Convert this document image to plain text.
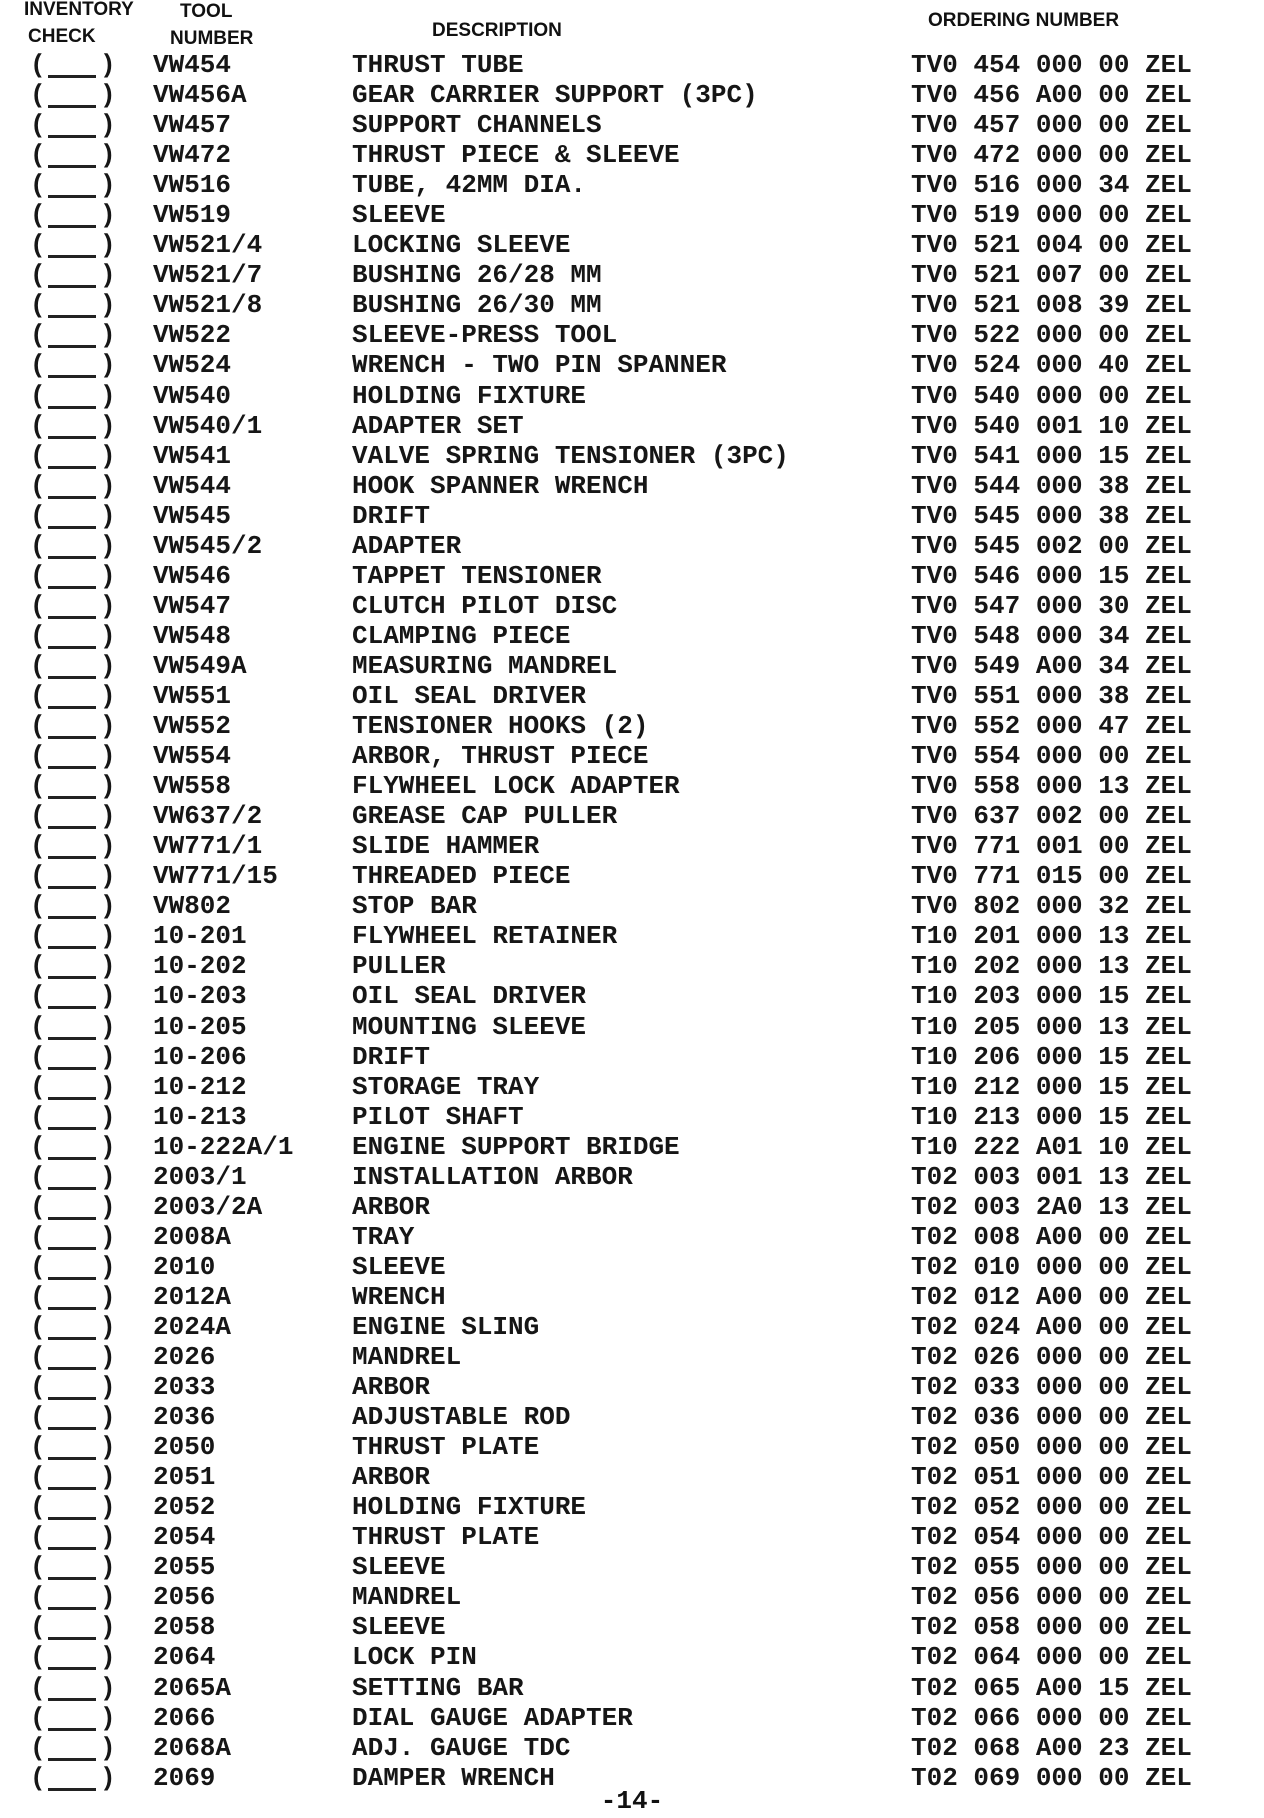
INVENTORY
CHECK
TOOL
NUMBER	DESCRIPTION	ORDERING NUMBER
( ) VW454	THRUST TUBE	TV0 454 000 00 ZEL
( ) VW456A	GEAR CARRIER SUPPORT (3PC)	TV0 456 A00 00 ZEL
( ) VW457	SUPPORT CHANNELS	TV0 457 000 00 ZEL
( ) VW472	THRUST PIECE & SLEEVE	TV0 472 000 00 ZEL
( ) VW516	TUBE, 42MM DIA.	TV0 516 000 34 ZEL
( ) VW519	SLEEVE	TV0 519 000 00 ZEL
( ) VW521/4	LOCKING SLEEVE	TV0 521 004 00 ZEL
( ) VW521/7	BUSHING 26/28 MM	TV0 521 007 00 ZEL
( ) VW521/8	BUSHING 26/30 MM	TV0 521 008 39 ZEL
( ) VW522	SLEEVE-PRESS TOOL	TV0 522 000 00 ZEL
( ) VW524	WRENCH - TWO PIN SPANNER	TV0 524 000 40 ZEL
( ) VW540	HOLDING FIXTURE	TV0 540 000 00 ZEL
( ) VW540/1	ADAPTER SET	TV0 540 001 10 ZEL
( ) VW541	VALVE SPRING TENSIONER (3PC)	TV0 541 000 15 ZEL
( ) VW544	HOOK SPANNER WRENCH	TV0 544 000 38 ZEL
( ) VW545	DRIFT	TV0 545 000 38 ZEL
( ) VW545/2	ADAPTER	TV0 545 002 00 ZEL
( ) VW546	TAPPET TENSIONER	TV0 546 000 15 ZEL
( ) VW547	CLUTCH PILOT DISC	TV0 547 000 30 ZEL
( ) VW548	CLAMPING PIECE	TV0 548 000 34 ZEL
( ) VW549A	MEASURING MANDREL	TV0 549 A00 34 ZEL
( ) VW551	OIL SEAL DRIVER	TV0 551 000 38 ZEL
( ) VW552	TENSIONER HOOKS (2)	TV0 552 000 47 ZEL
( ) VW554	ARBOR, THRUST PIECE	TV0 554 000 00 ZEL
( ) VW558	FLYWHEEL LOCK ADAPTER	TV0 558 000 13 ZEL
( ) VW637/2	GREASE CAP PULLER	TV0 637 002 00 ZEL
( ) VW771/1	SLIDE HAMMER	TV0 771 001 00 ZEL
( ) VW771/15	THREADED PIECE	TV0 771 015 00 ZEL
( ) VW802	STOP BAR	TV0 802 000 32 ZEL
( ) 10-201	FLYWHEEL RETAINER	T10 201 000 13 ZEL
( ) 10-202	PULLER	T10 202 000 13 ZEL
( ) 10-203	OIL SEAL DRIVER	T10 203 000 15 ZEL
( ) 10-205	MOUNTING SLEEVE	T10 205 000 13 ZEL
( ) 10-206	DRIFT	T10 206 000 15 ZEL
( ) 10-212	STORAGE TRAY	T10 212 000 15 ZEL
( ) 10-213	PILOT SHAFT	T10 213 000 15 ZEL
( ) 10-222A/1 ENGINE SUPPORT BRIDGE	T10 222 A01 10 ZEL
( ) 2003/1	INSTALLATION ARBOR	T02 003 001 13 ZEL
( ) 2003/2A	ARBOR	T02 003 2A0 13 ZEL
( ) 2008A	TRAY	T02 008 A00 00 ZEL
( ) 2010	SLEEVE	T02 010 000 00 ZEL
( ) 2012A	WRENCH	T02 012 A00 00 ZEL
( ) 2024A	ENGINE SLING	T02 024 A00 00 ZEL
( ) 2026	MANDREL	T02 026 000 00 ZEL
( ) 2033	ARBOR	T02 033 000 00 ZEL
( ) 2036	ADJUSTABLE ROD	T02 036 000 00 ZEL
( ) 2050	THRUST PLATE	T02 050 000 00 ZEL
( ) 2051	ARBOR	T02 051 000 00 ZEL
( ) 2052	HOLDING FIXTURE	T02 052 000 00 ZEL
( ) 2054	THRUST PLATE	T02 054 000 00 ZEL
( ) 2055	SLEEVE	T02 055 000 00 ZEL
( ) 2056	MANDREL	T02 056 000 00 ZEL
( ) 2058	SLEEVE	T02 058 000 00 ZEL
( ) 2064	LOCK PIN	T02 064 000 00 ZEL
( ) 2065A	SETTING BAR	T02 065 A00 15 ZEL
( ) 2066	DIAL GAUGE ADAPTER	T02 066 000 00 ZEL
( ) 2068A	ADJ. GAUGE TDC	T02 068 A00 23 ZEL
( ) 2069	DAMPER WRENCH	T02 069 000 00 ZEL
-14-
